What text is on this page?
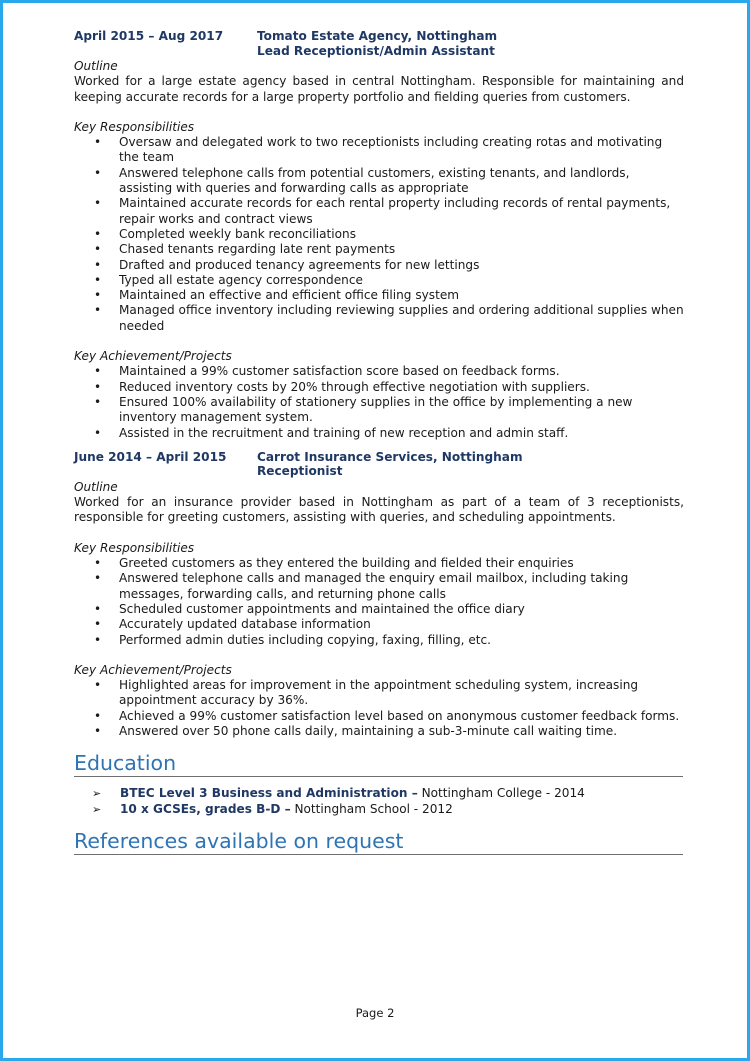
April 2015 – Aug 2017	Tomato Estate Agency, Nottingham
Lead Receptionist/Admin Assistant
Outline
Worked for a large estate agency based in central Nottingham. Responsible for maintaining and keeping accurate records for a large property portfolio and fielding queries from customers.
Key Responsibilities
• Oversaw and delegated work to two receptionists including creating rotas and motivating the team
• Answered telephone calls from potential customers, existing tenants, and landlords, assisting with queries and forwarding calls as appropriate
• Maintained accurate records for each rental property including records of rental payments, repair works and contract views
• Completed weekly bank reconciliations
• Chased tenants regarding late rent payments
• Drafted and produced tenancy agreements for new lettings
• Typed all estate agency correspondence
• Maintained an effective and efficient office filing system
• Managed office inventory including reviewing supplies and ordering additional supplies when needed
Key Achievement/Projects
• Maintained a 99% customer satisfaction score based on feedback forms.
• Reduced inventory costs by 20% through effective negotiation with suppliers.
• Ensured 100% availability of stationery supplies in the office by implementing a new inventory management system.
• Assisted in the recruitment and training of new reception and admin staff.
June 2014 – April 2015	Carrot Insurance Services, Nottingham
Receptionist
Outline
Worked for an insurance provider based in Nottingham as part of a team of 3 receptionists, responsible for greeting customers, assisting with queries, and scheduling appointments.
Key Responsibilities
• Greeted customers as they entered the building and fielded their enquiries
• Answered telephone calls and managed the enquiry email mailbox, including taking messages, forwarding calls, and returning phone calls
• Scheduled customer appointments and maintained the office diary
• Accurately updated database information
• Performed admin duties including copying, faxing, filling, etc.
Key Achievement/Projects
• Highlighted areas for improvement in the appointment scheduling system, increasing appointment accuracy by 36%.
• Achieved a 99% customer satisfaction level based on anonymous customer feedback forms.
• Answered over 50 phone calls daily, maintaining a sub-3-minute call waiting time.
Education
➢ BTEC Level 3 Business and Administration – Nottingham College - 2014
➢ 10 x GCSEs, grades B-D – Nottingham School - 2012
References available on request
Page 2
